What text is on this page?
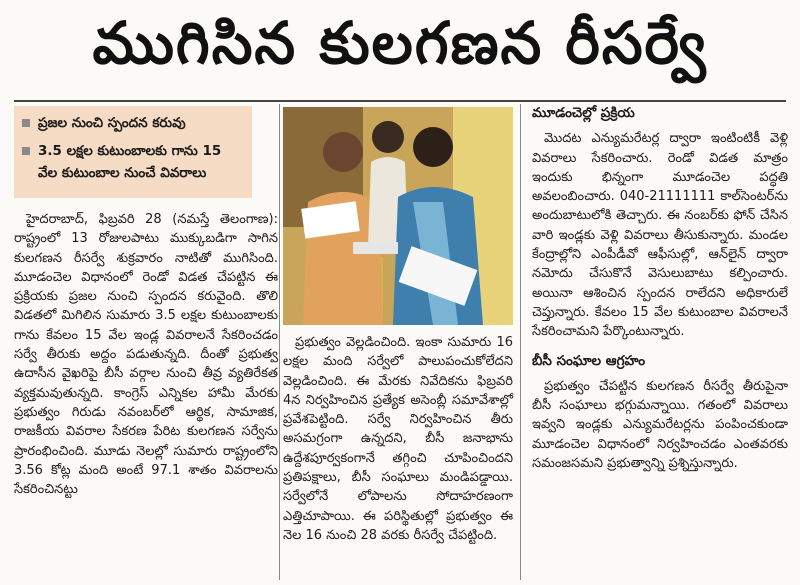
ముగిసిన కులగణన రీసర్వే
ప్రజల నుంచి స్పందన కరువు
3.5 లక్షల కుటుంబాలకు గాను 15 వేల కుటుంబాల నుంచే వివరాలు

హైదరాబాద్, ఫిబ్రవరి 28 (నమస్తే తెలంగాణ): రాష్ట్రంలో 13 రోజులపాటు ముక్కుబడిగా సాగిన కులగణన రీసర్వే శుక్రవారం నాటితో ముగిసింది. మూడంచెల విధానంలో రెండో విడత చేపట్టిన ఈ ప్రక్రియకు ప్రజల నుంచి స్పందన కరువైంది. తొలి విడతలో మిగిలిన సుమారు 3.5 లక్షల కుటుంబాలకు గాను కేవలం 15 వేల ఇండ్ల వివరాలనే సేకరించడం సర్వే తీరుకు అద్దం పడుతున్నది. దీంతో ప్రభుత్వ ఉదాసీన వైఖరిపై బీసీ వర్గాల నుంచి తీవ్ర వ్యతిరేకత వ్యక్తమవుతున్నది. కాంగ్రెస్ ఎన్నికల హామీ మేరకు ప్రభుత్వం గిరుడు నవంబర్‌లో ఆర్థిక, సామాజిక, రాజకీయ వివరాల సేకరణ పేరిట కులగణన సర్వేను ప్రారంభించింది. మూడు నెలల్లో సుమారు రాష్ట్రంలోని 3.56 కోట్ల మంది అంటే 97.1 శాతం వివరాలను సేకరించినట్టు

ప్రభుత్వం వెల్లడించింది. ఇంకా సుమారు 16 లక్షల మంది సర్వేలో పాలుపంచుకోలేదని వెల్లడించింది. ఈ మేరకు నివేదికను ఫిబ్రవరి 4న నిర్వహించిన ప్రత్యేక అసెంబ్లీ సమావేశాల్లో ప్రవేశపెట్టింది. సర్వే నిర్వహించిన తీరు అసమగ్రంగా ఉన్నదని, బీసీ జనాభాను ఉద్దేశపూర్వకంగానే తగ్గించి చూపించిందని ప్రతిపక్షాలు, బీసీ సంఘాలు మండిపడ్డాయి. సర్వేలోనే లోపాలను సోదాహరణంగా ఎత్తిచూపాయి. ఈ పరిస్థితుల్లో ప్రభుత్వం ఈ నెల 16 నుంచి 28 వరకు రీసర్వే చేపట్టింది.

మూడంచెల్లో ప్రక్రియ

మొదట ఎన్యుమరేటర్ల ద్వారా ఇంటింటికీ వెళ్లి వివరాలు సేకరించారు. రెండో విడత మాత్రం ఇందుకు భిన్నంగా మూడంచెల పద్ధతి అవలంబించారు. 040-21111111 కాల్‌సెంటర్‌ను అందుబాటులోకి తెచ్చారు. ఈ నంబర్‌కు ఫోన్ చేసిన వారి ఇండ్లకు వెళ్లి వివరాలు తీసుకున్నారు. మండల కేంద్రాల్లోని ఎంపీడీవో ఆఫీసుల్లో, ఆన్‌లైన్ ద్వారా నమోదు చేసుకొనే వెసులుబాటు కల్పించారు. అయినా ఆశించిన స్పందన రాలేదని అధికారులే చెప్తున్నారు. కేవలం 15 వేల కుటుంబాల వివరాలనే సేకరించామని పేర్కొంటున్నారు.

బీసీ సంఘాల ఆగ్రహం

ప్రభుత్వం చేపట్టిన కులగణన రీసర్వే తీరుపైనా బీసీ సంఘాలు భగ్గుమన్నాయి. గతంలో వివరాలు ఇవ్వని ఇండ్లకు ఎన్యుమరేటర్లను పంపించకుండా మూడంచెల విధానంలో నిర్వహించడం ఎంతవరకు సమంజసమని ప్రభుత్వాన్ని ప్రశ్నిస్తున్నారు.
